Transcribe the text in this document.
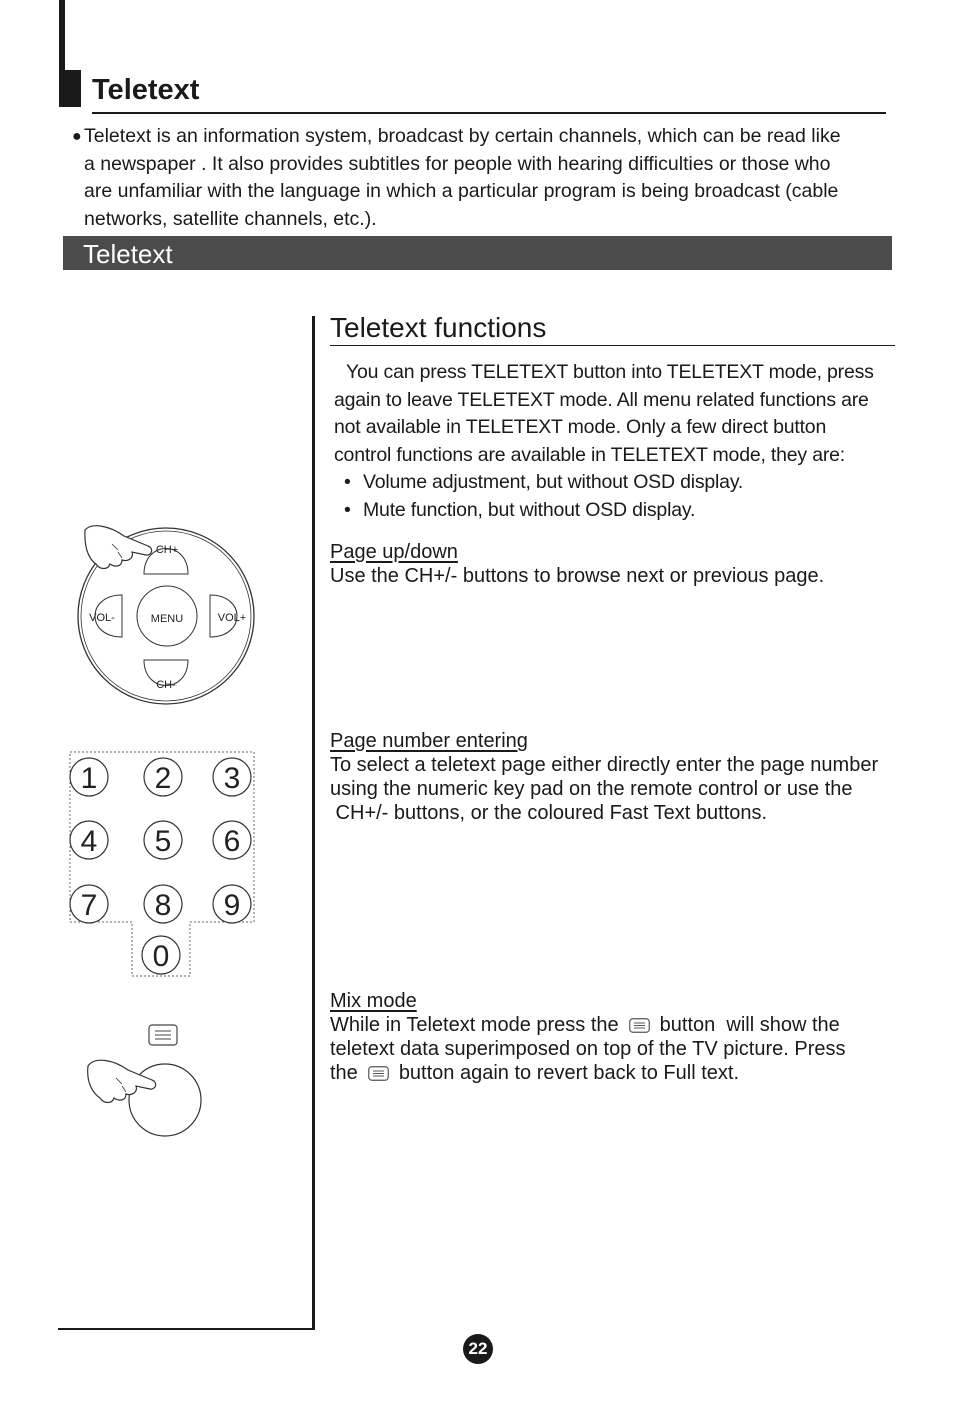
Teletext
● Teletext is an information system, broadcast by certain channels, which can be read like
a newspaper . It also provides subtitles for people with hearing difficulties or those who
are unfamiliar with the language in which a particular program is being broadcast (cable
networks, satellite channels, etc.).
Teletext
Teletext functions
You can press TELETEXT button into TELETEXT mode, press
again to leave TELETEXT mode. All menu related functions are
not available in TELETEXT mode. Only a few direct button
control functions are available in TELETEXT mode, they are:
• Volume adjustment, but without OSD display.
• Mute function, but without OSD display.
Page up/down
Use the CH+/- buttons to browse next or previous page.
Page number entering
To select a teletext page either directly enter the page number
using the numeric key pad on the remote control or use the
CH+/- buttons, or the coloured Fast Text buttons.
Mix mode
While in Teletext mode press the button  will show the
teletext data superimposed on top of the TV picture. Press
the button again to revert back to Full text.
CH+
CH-
VOL-	VOL+
MENU
1 2 3
4 5 6
7 8 9
0
22
